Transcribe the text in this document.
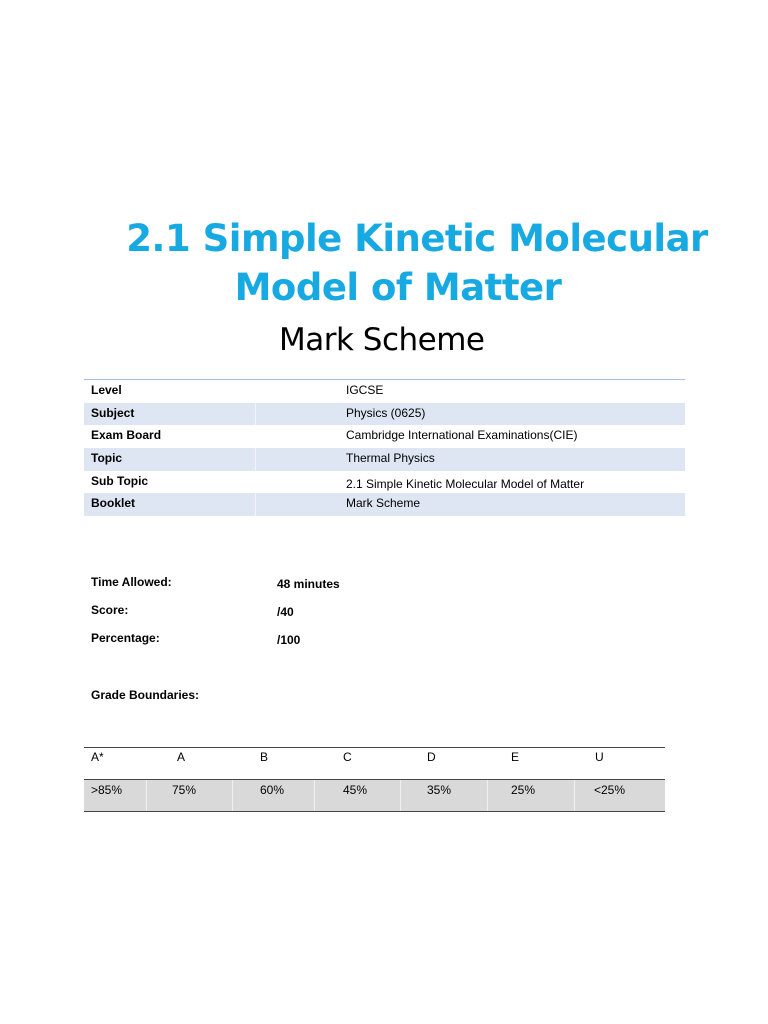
2.1 Simple Kinetic Molecular
Model of Matter
Mark Scheme
Level	IGCSE
Subject	Physics (0625)
Exam Board	Cambridge International Examinations(CIE)
Topic	Thermal Physics
Sub Topic	2.1 Simple Kinetic Molecular Model of Matter
Booklet	Mark Scheme
Time Allowed:	48 minutes
Score:	/40
Percentage:	/100

Grade Boundaries:

A*	A	B	C	D	E	U
>85%	75%	60%	45%	35%	25%	<25%
